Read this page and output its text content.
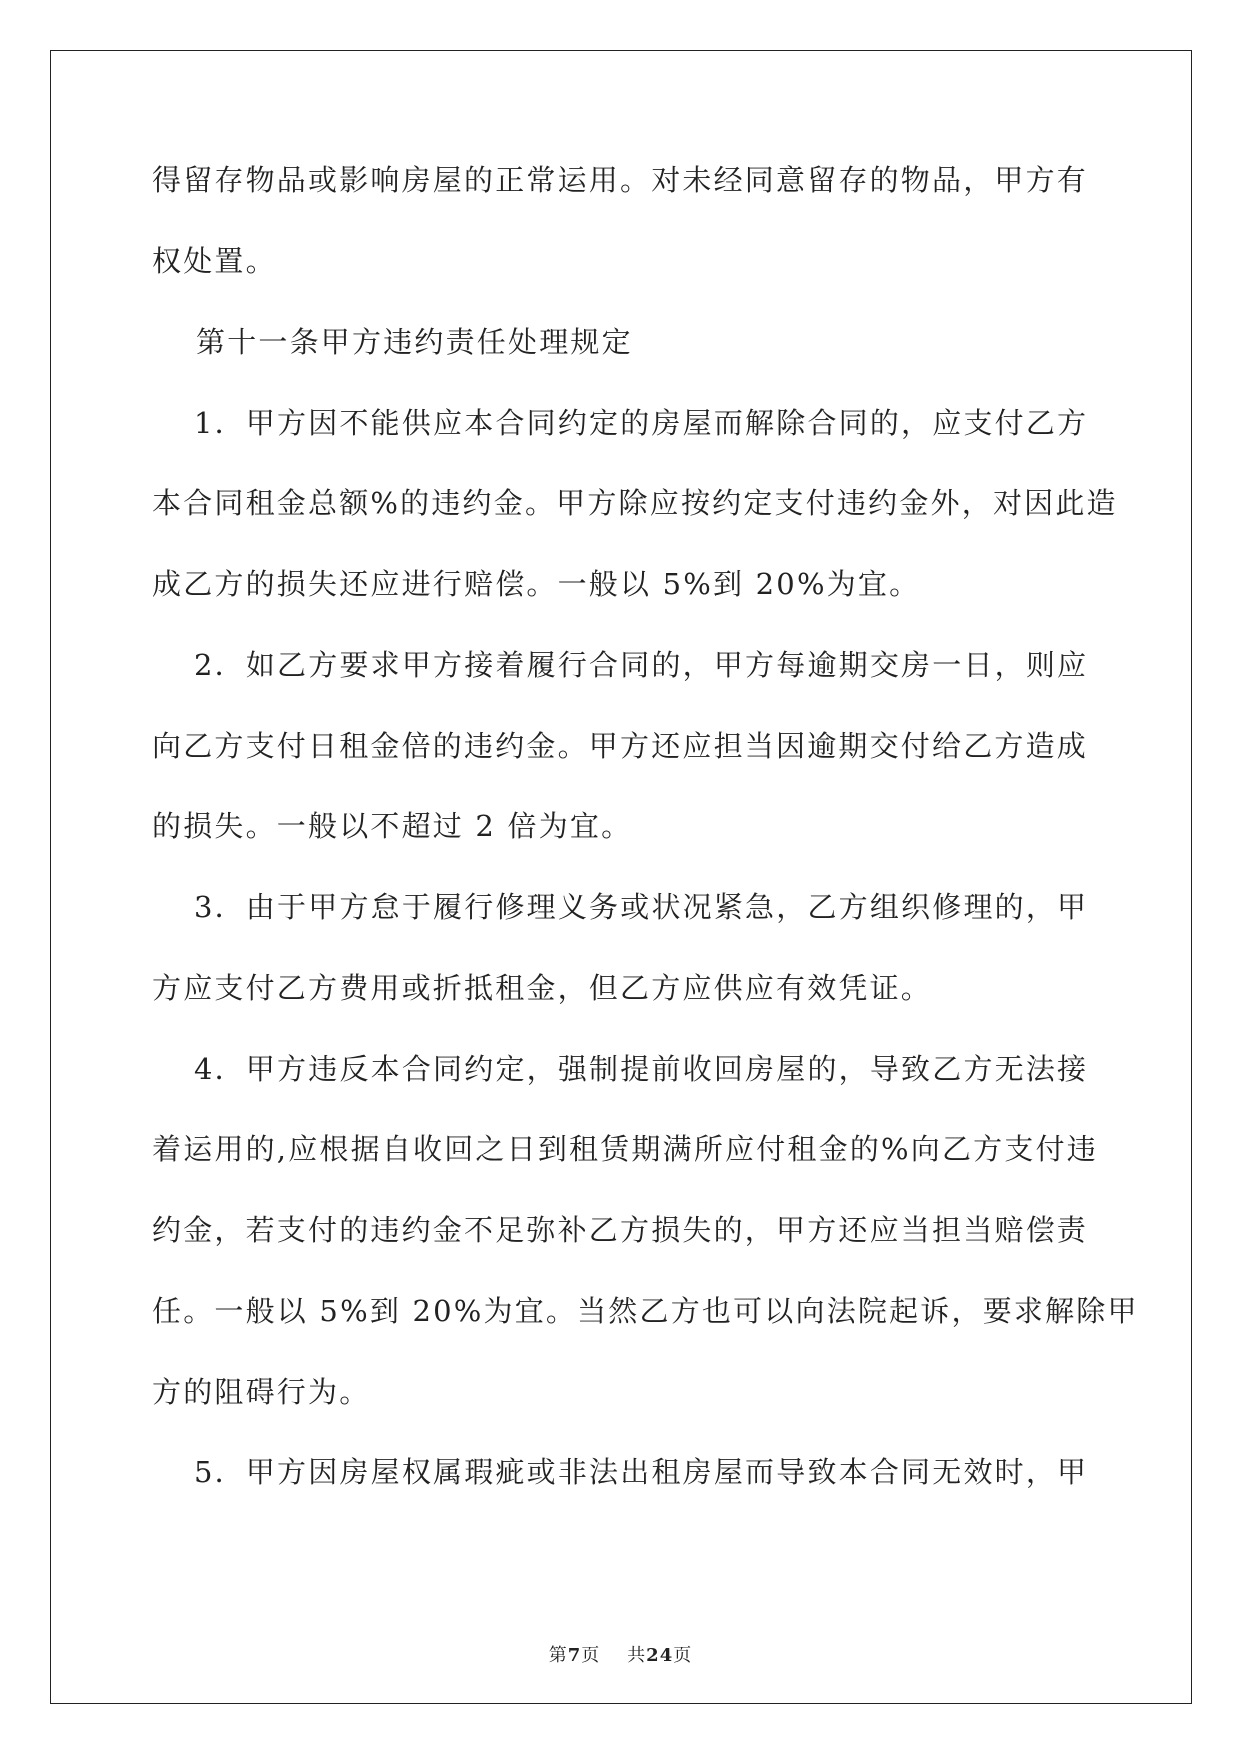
得留存物品或影响房屋的正常运用。对未经同意留存的物品，甲方有
权处置。
第十一条甲方违约责任处理规定
1．甲方因不能供应本合同约定的房屋而解除合同的，应支付乙方
本合同租金总额%的违约金。甲方除应按约定支付违约金外，对因此造
成乙方的损失还应进行赔偿。一般以 5%到 20%为宜。
2．如乙方要求甲方接着履行合同的，甲方每逾期交房一日，则应
向乙方支付日租金倍的违约金。甲方还应担当因逾期交付给乙方造成
的损失。一般以不超过 2 倍为宜。
3．由于甲方怠于履行修理义务或状况紧急，乙方组织修理的，甲
方应支付乙方费用或折抵租金，但乙方应供应有效凭证。
4．甲方违反本合同约定，强制提前收回房屋的，导致乙方无法接
着运用的,应根据自收回之日到租赁期满所应付租金的%向乙方支付违
约金，若支付的违约金不足弥补乙方损失的，甲方还应当担当赔偿责
任。一般以 5%到 20%为宜。当然乙方也可以向法院起诉，要求解除甲
方的阻碍行为。
5．甲方因房屋权属瑕疵或非法出租房屋而导致本合同无效时，甲
第7页 共24页
